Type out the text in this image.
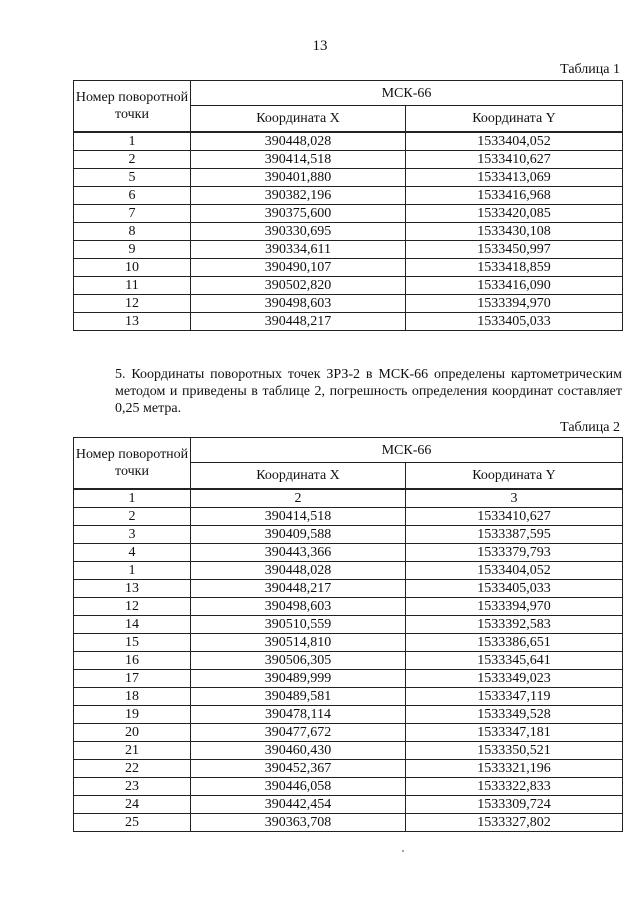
13
Таблица 1
Номер поворотной точки	МСК-66	
	Координата X	Координата Y
1	390448,028	1533404,052
2	390414,518	1533410,627
5	390401,880	1533413,069
6	390382,196	1533416,968
7	390375,600	1533420,085
8	390330,695	1533430,108
9	390334,611	1533450,997
10	390490,107	1533418,859
11	390502,820	1533416,090
12	390498,603	1533394,970
13	390448,217	1533405,033
5. Координаты поворотных точек ЗРЗ-2 в МСК-66 определены картометрическим методом и приведены в таблице 2, погрешность определения координат составляет 0,25 метра.
Таблица 2
Номер поворотной точки	МСК-66	
	Координата X	Координата Y
1	2	3
2	390414,518	1533410,627
3	390409,588	1533387,595
4	390443,366	1533379,793
1	390448,028	1533404,052
13	390448,217	1533405,033
12	390498,603	1533394,970
14	390510,559	1533392,583
15	390514,810	1533386,651
16	390506,305	1533345,641
17	390489,999	1533349,023
18	390489,581	1533347,119
19	390478,114	1533349,528
20	390477,672	1533347,181
21	390460,430	1533350,521
22	390452,367	1533321,196
23	390446,058	1533322,833
24	390442,454	1533309,724
25	390363,708	1533327,802
